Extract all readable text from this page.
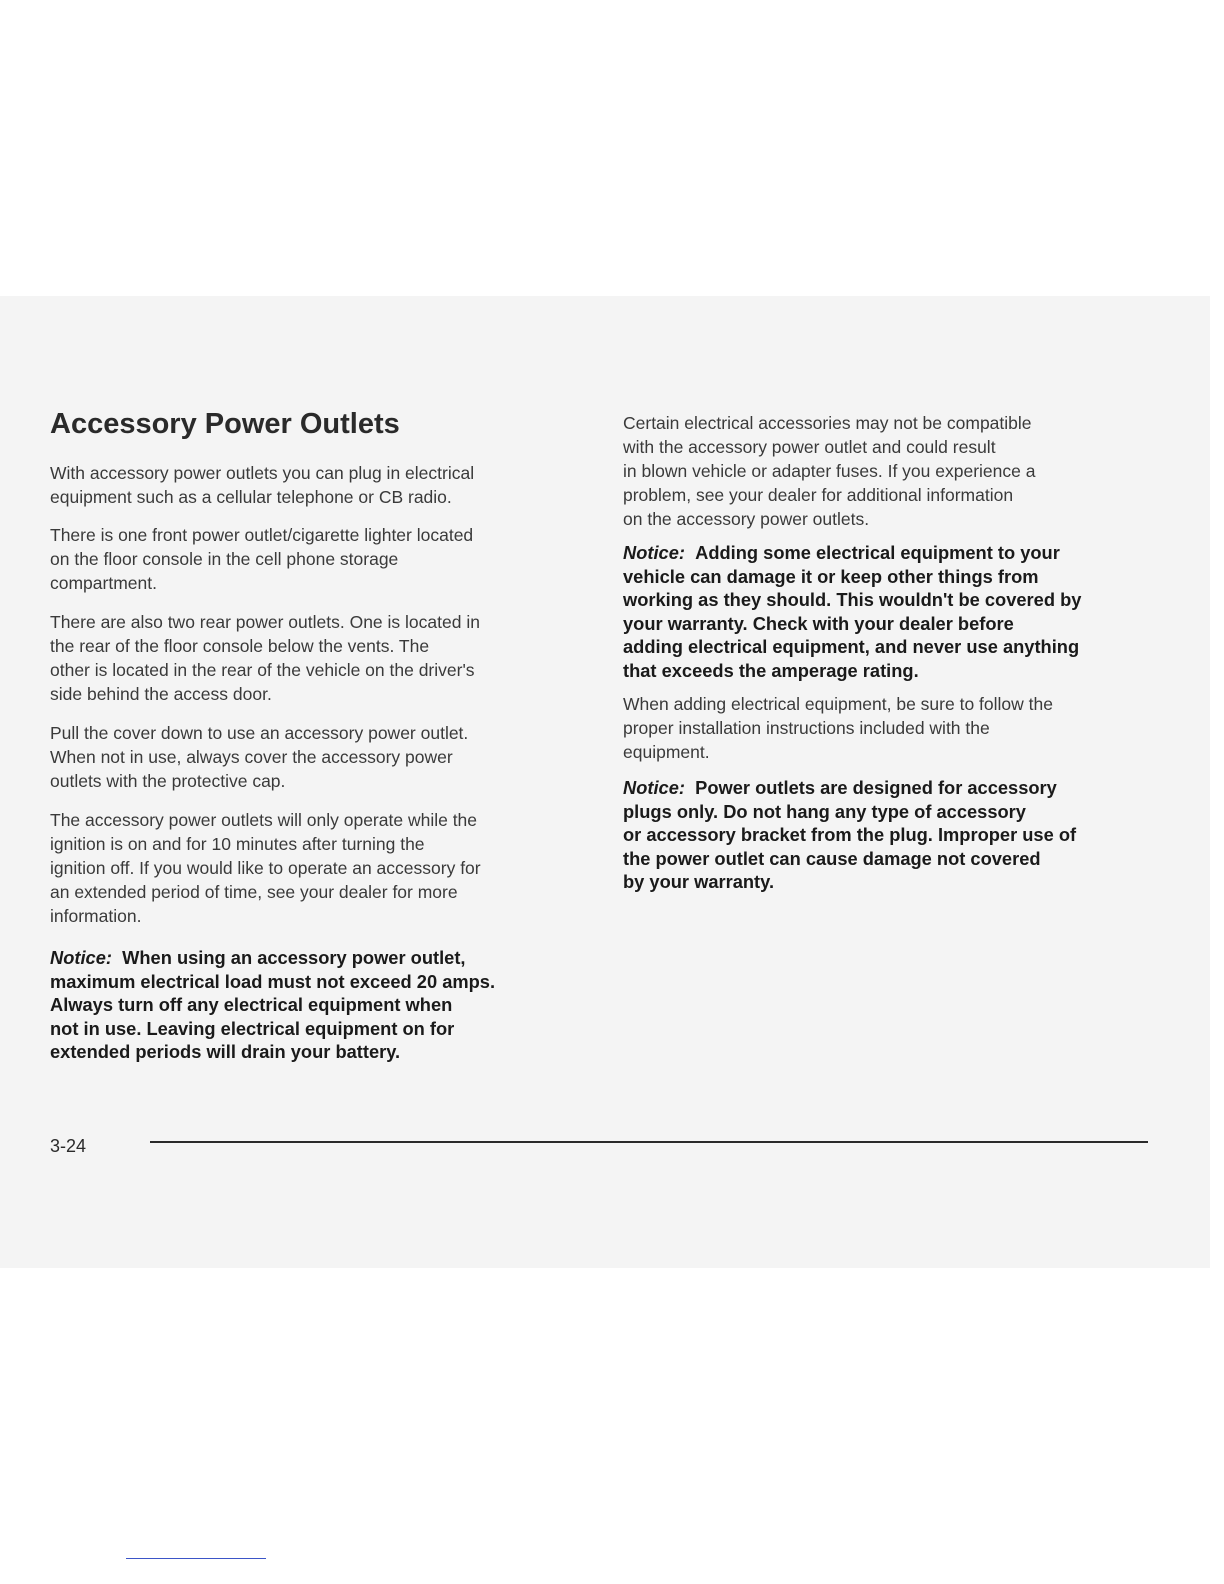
Accessory Power Outlets

With accessory power outlets you can plug in electrical
equipment such as a cellular telephone or CB radio.

There is one front power outlet/cigarette lighter located
on the floor console in the cell phone storage
compartment.

There are also two rear power outlets. One is located in
the rear of the floor console below the vents. The
other is located in the rear of the vehicle on the driver's
side behind the access door.

Pull the cover down to use an accessory power outlet.
When not in use, always cover the accessory power
outlets with the protective cap.

The accessory power outlets will only operate while the
ignition is on and for 10 minutes after turning the
ignition off. If you would like to operate an accessory for
an extended period of time, see your dealer for more
information.

Notice: When using an accessory power outlet,
maximum electrical load must not exceed 20 amps.
Always turn off any electrical equipment when
not in use. Leaving electrical equipment on for
extended periods will drain your battery.

Certain electrical accessories may not be compatible
with the accessory power outlet and could result
in blown vehicle or adapter fuses. If you experience a
problem, see your dealer for additional information
on the accessory power outlets.

Notice: Adding some electrical equipment to your
vehicle can damage it or keep other things from
working as they should. This wouldn't be covered by
your warranty. Check with your dealer before
adding electrical equipment, and never use anything
that exceeds the amperage rating.

When adding electrical equipment, be sure to follow the
proper installation instructions included with the
equipment.

Notice: Power outlets are designed for accessory
plugs only. Do not hang any type of accessory
or accessory bracket from the plug. Improper use of
the power outlet can cause damage not covered
by your warranty.

3-24
